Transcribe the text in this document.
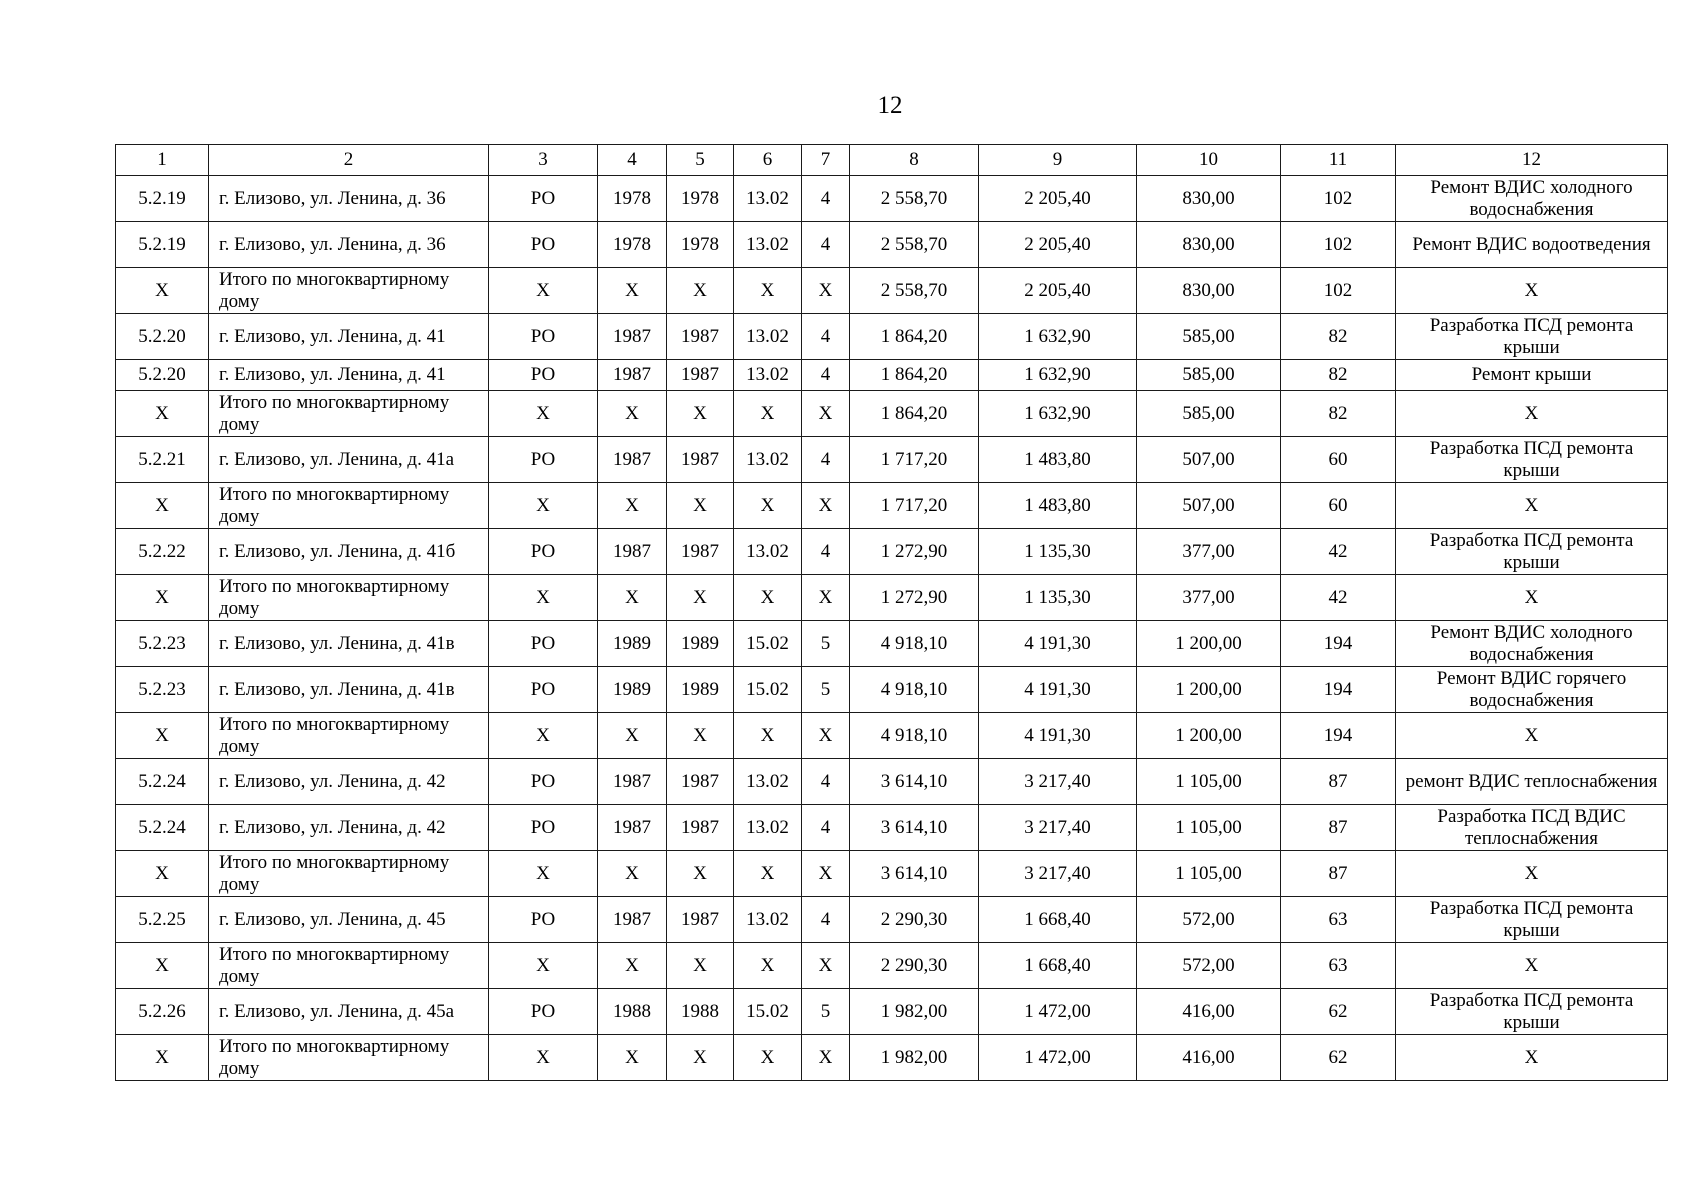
12
1	2	3	4	5	6	7	8	9	10	11	12
5.2.19	г. Елизово, ул. Ленина, д. 36	РО	1978	1978	13.02	4	2 558,70	2 205,40	830,00	102	Ремонт ВДИС холодного водоснабжения
5.2.19	г. Елизово, ул. Ленина, д. 36	РО	1978	1978	13.02	4	2 558,70	2 205,40	830,00	102	Ремонт ВДИС водоотведения
X	Итого по многоквартирному дому	X	X	X	X	X	2 558,70	2 205,40	830,00	102	X
5.2.20	г. Елизово, ул. Ленина, д. 41	РО	1987	1987	13.02	4	1 864,20	1 632,90	585,00	82	Разработка ПСД ремонта крыши
5.2.20	г. Елизово, ул. Ленина, д. 41	РО	1987	1987	13.02	4	1 864,20	1 632,90	585,00	82	Ремонт крыши
X	Итого по многоквартирному дому	X	X	X	X	X	1 864,20	1 632,90	585,00	82	X
5.2.21	г. Елизово, ул. Ленина, д. 41а	РО	1987	1987	13.02	4	1 717,20	1 483,80	507,00	60	Разработка ПСД ремонта крыши
X	Итого по многоквартирному дому	X	X	X	X	X	1 717,20	1 483,80	507,00	60	X
5.2.22	г. Елизово, ул. Ленина, д. 41б	РО	1987	1987	13.02	4	1 272,90	1 135,30	377,00	42	Разработка ПСД ремонта крыши
X	Итого по многоквартирному дому	X	X	X	X	X	1 272,90	1 135,30	377,00	42	X
5.2.23	г. Елизово, ул. Ленина, д. 41в	РО	1989	1989	15.02	5	4 918,10	4 191,30	1 200,00	194	Ремонт ВДИС холодного водоснабжения
5.2.23	г. Елизово, ул. Ленина, д. 41в	РО	1989	1989	15.02	5	4 918,10	4 191,30	1 200,00	194	Ремонт ВДИС горячего водоснабжения
X	Итого по многоквартирному дому	X	X	X	X	X	4 918,10	4 191,30	1 200,00	194	X
5.2.24	г. Елизово, ул. Ленина, д. 42	РО	1987	1987	13.02	4	3 614,10	3 217,40	1 105,00	87	ремонт ВДИС теплоснабжения
5.2.24	г. Елизово, ул. Ленина, д. 42	РО	1987	1987	13.02	4	3 614,10	3 217,40	1 105,00	87	Разработка ПСД ВДИС теплоснабжения
X	Итого по многоквартирному дому	X	X	X	X	X	3 614,10	3 217,40	1 105,00	87	X
5.2.25	г. Елизово, ул. Ленина, д. 45	РО	1987	1987	13.02	4	2 290,30	1 668,40	572,00	63	Разработка ПСД ремонта крыши
X	Итого по многоквартирному дому	X	X	X	X	X	2 290,30	1 668,40	572,00	63	X
5.2.26	г. Елизово, ул. Ленина, д. 45а	РО	1988	1988	15.02	5	1 982,00	1 472,00	416,00	62	Разработка ПСД ремонта крыши
X	Итого по многоквартирному дому	X	X	X	X	X	1 982,00	1 472,00	416,00	62	X
